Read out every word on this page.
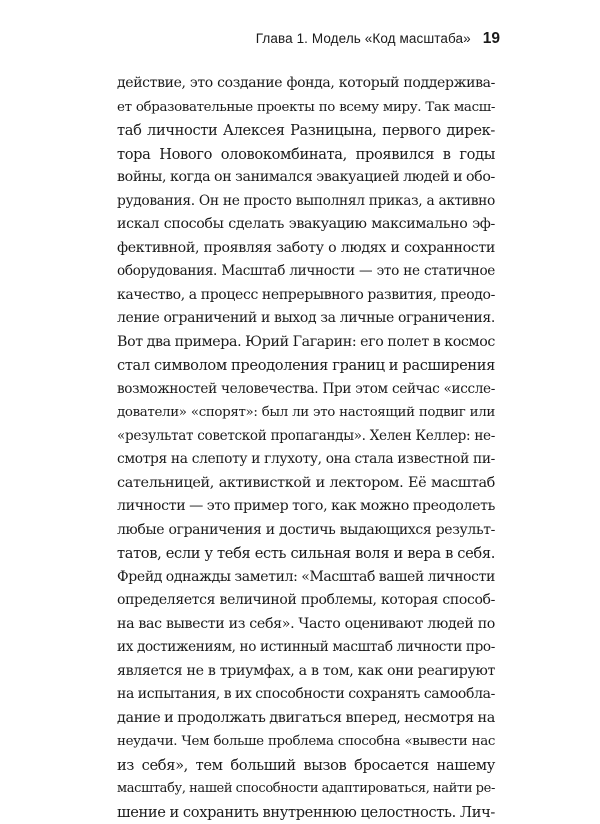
Глава 1. Модель «Код масштаба» 19
действие, это создание фонда, который поддержива-
ет образовательные проекты по всему миру. Так масш-
таб личности Алексея Разницына, первого дирек-
тора Нового оловокомбината, проявился в годы
войны, когда он занимался эвакуацией людей и обо-
рудования. Он не просто выполнял приказ, а активно
искал способы сделать эвакуацию максимально эф-
фективной, проявляя заботу о людях и сохранности
оборудования. Масштаб личности — это не статичное
качество, а процесс непрерывного развития, преодо-
ление ограничений и выход за личные ограничения.
Вот два примера. Юрий Гагарин: его полет в космос
стал символом преодоления границ и расширения
возможностей человечества. При этом сейчас «иссле-
дователи» «спорят»: был ли это настоящий подвиг или
«результат советской пропаганды». Хелен Келлер: не-
смотря на слепоту и глухоту, она стала известной пи-
сательницей, активисткой и лектором. Её масштаб
личности — это пример того, как можно преодолеть
любые ограничения и достичь выдающихся результ-
татов, если у тебя есть сильная воля и вера в себя.
Фрейд однажды заметил: «Масштаб вашей личности
определяется величиной проблемы, которая способ-
на вас вывести из себя». Часто оценивают людей по
их достижениям, но истинный масштаб личности про-
является не в триумфах, а в том, как они реагируют
на испытания, в их способности сохранять самообла-
дание и продолжать двигаться вперед, несмотря на
неудачи. Чем больше проблема способна «вывести нас
из себя», тем больший вызов бросается нашему
масштабу, нашей способности адаптироваться, найти ре-
шение и сохранить внутреннюю целостность. Лич-
